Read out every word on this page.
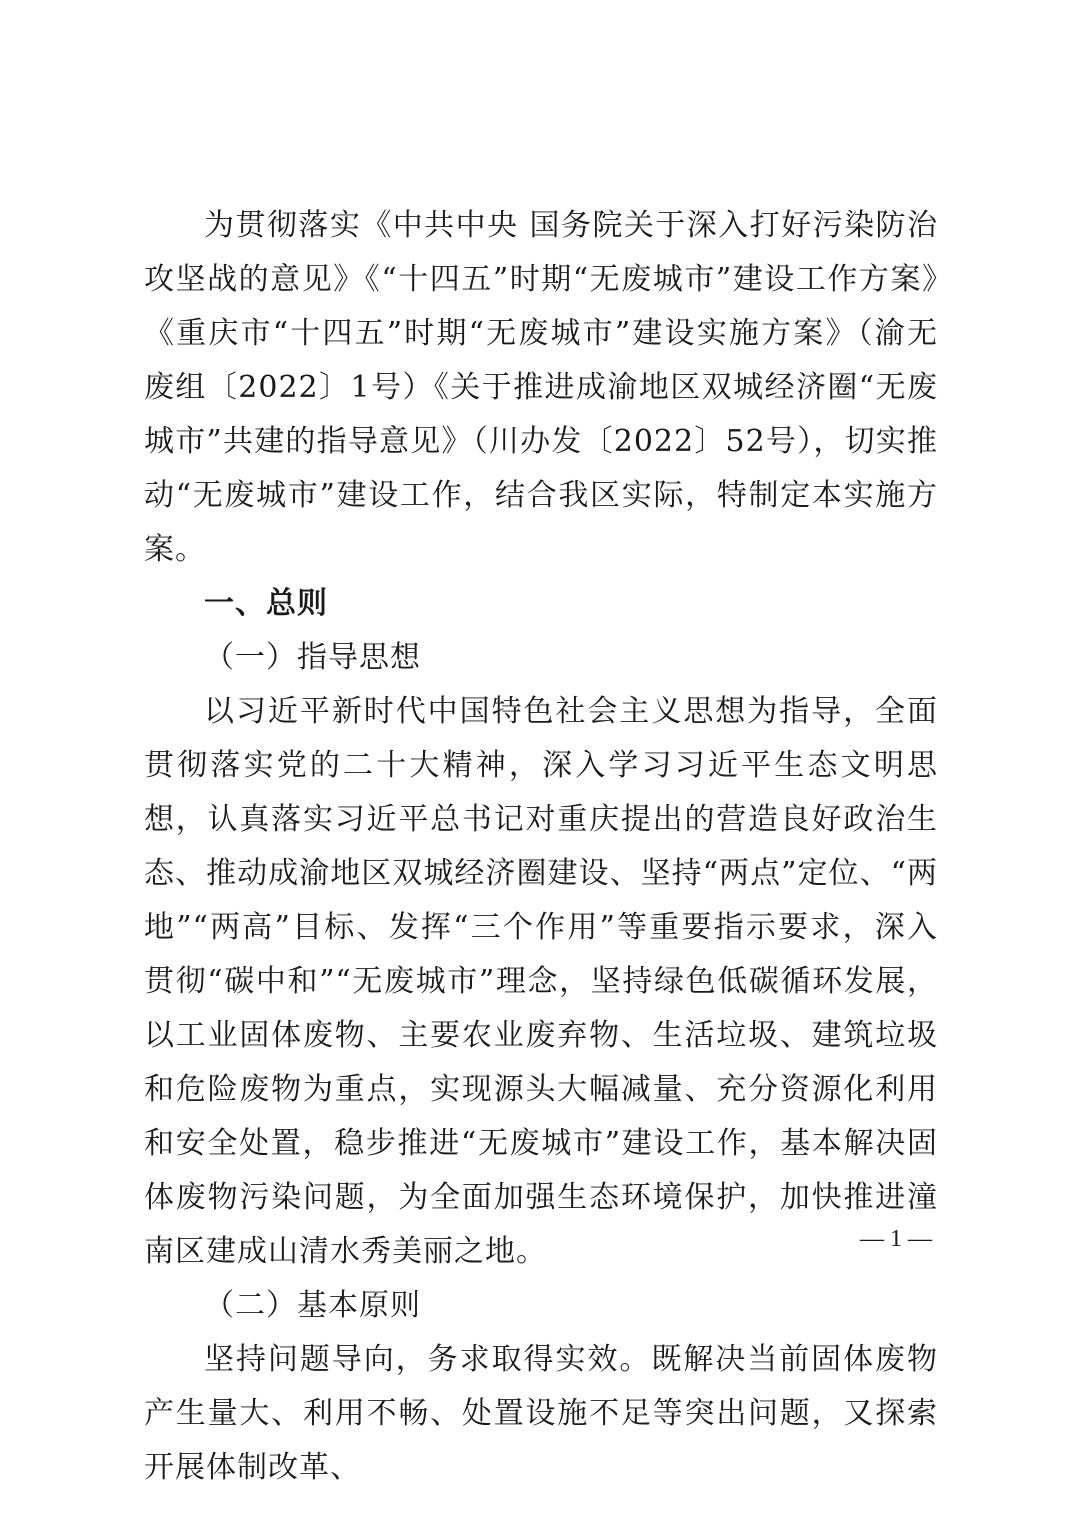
为贯彻落实《中共中央 国务院关于深入打好污染防治攻坚战的意见》《“十四五”时期“无废城市”建设工作方案》《重庆市“十四五”时期“无废城市”建设实施方案》（渝无废组〔2022〕1号）《关于推进成渝地区双城经济圈“无废城市”共建的指导意见》（川办发〔2022〕52号），切实推动“无废城市”建设工作，结合我区实际，特制定本实施方案。

一、总则

（一）指导思想

以习近平新时代中国特色社会主义思想为指导，全面贯彻落实党的二十大精神，深入学习习近平生态文明思想，认真落实习近平总书记对重庆提出的营造良好政治生态、推动成渝地区双城经济圈建设、坚持“两点”定位、“两地”“两高”目标、发挥“三个作用”等重要指示要求，深入贯彻“碳中和”“无废城市”理念，坚持绿色低碳循环发展，以工业固体废物、主要农业废弃物、生活垃圾、建筑垃圾和危险废物为重点，实现源头大幅减量、充分资源化利用和安全处置，稳步推进“无废城市”建设工作，基本解决固体废物污染问题，为全面加强生态环境保护，加快推进潼南区建成山清水秀美丽之地。

（二）基本原则

坚持问题导向，务求取得实效。既解决当前固体废物产生量大、利用不畅、处置设施不足等突出问题，又探索开展体制改革、

— 1 —
